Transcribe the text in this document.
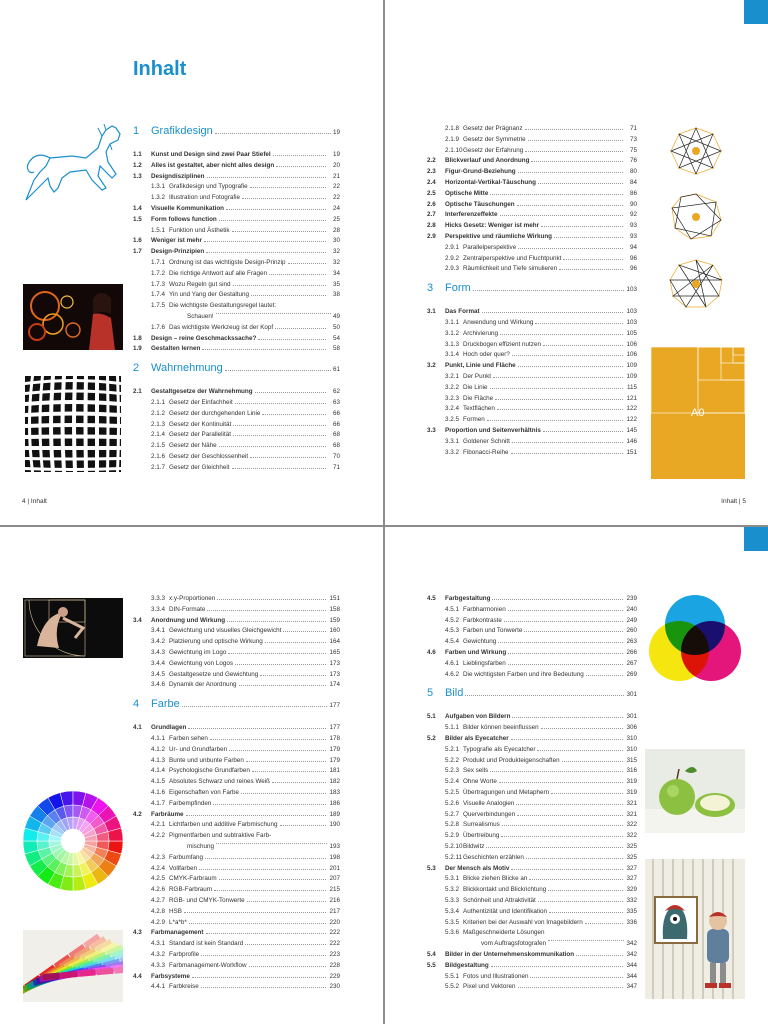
Inhalt
1	Grafikdesign	19
1.1	Kunst und Design sind zwei Paar Stiefel	19
1.2	Alles ist gestaltet, aber nicht alles design	20
1.3	Designdisziplinen	21
1.3.1 Grafikdesign und Typografie	22
1.3.2 Illustration und Fotografie	22
1.4	Visuelle Kommunikation	24
1.5	Form follows function	25
1.5.1 Funktion und Ästhetik	28
1.6	Weniger ist mehr	30
1.7	Design-Prinzipien	32
1.7.1 Ordnung ist das wichtigste Design-Prinzip	32
1.7.2 Die richtige Antwort auf alle Fragen	34
1.7.3 Wozu Regeln gut sind	35
1.7.4 Yin und Yang der Gestaltung	38
1.7.5 Die wichtigste Gestaltungsregel lautet:
Schauen!	49
1.7.6 Das wichtigste Werkzeug ist der Kopf	50
1.8	Design – reine Geschmackssache?	54
1.9	Gestalten lernen	58
2	Wahrnehmung	61
2.1	Gestaltgesetze der Wahrnehmung	62
2.1.1 Gesetz der Einfachheit	63
2.1.2 Gesetz der durchgehenden Linie	66
2.1.3 Gesetz der Kontinuität	66
2.1.4 Gesetz der Parallelität	68
2.1.5 Gesetz der Nähe	68
2.1.6 Gesetz der Geschlossenheit	70
2.1.7 Gesetz der Gleichheit	71
4 | Inhalt
2.1.8 Gesetz der Prägnanz	71
2.1.9 Gesetz der Symmetrie	73
2.1.10 Gesetz der Erfahrung	75
2.2	Blickverlauf und Anordnung	76
2.3	Figur-Grund-Beziehung	80
2.4	Horizontal-Vertikal-Täuschung	84
2.5	Optische Mitte	86
2.6	Optische Täuschungen	90
2.7	Interferenzeffekte	92
2.8	Hicks Gesetz: Weniger ist mehr	93
2.9	Perspektive und räumliche Wirkung	93
2.9.1 Parallelperspektive	94
2.9.2 Zentralperspektive und Fluchtpunkt	96
2.9.3 Räumlichkeit und Tiefe simulieren	96
3	Form	103
3.1	Das Format	103
3.1.1 Anwendung und Wirkung	103
3.1.2 Archivierung	105
3.1.3 Druckbogen effizient nutzen	106
3.1.4 Hoch oder quer?	106
3.2	Punkt, Linie und Fläche	109
3.2.1 Der Punkt	109
3.2.2 Die Linie	115
3.2.3 Die Fläche	121
3.2.4 Textflächen	122
3.2.5 Formen	122
3.3	Proportion und Seitenverhältnis	145
3.3.1 Goldener Schnitt	146
3.3.2 Fibonacci-Reihe	151
A0
Inhalt | 5
3.3.3 x:y-Proportionen	151
3.3.4 DIN-Formate	158
3.4	Anordnung und Wirkung	159
3.4.1 Gewichtung und visuelles Gleichgewicht	160
3.4.2 Platzierung und optische Wirkung	164
3.4.3 Gewichtung im Logo	165
3.4.4 Gewichtung von Logos	173
3.4.5 Gestaltgesetze und Gewichtung	173
3.4.6 Dynamik der Anordnung	174
4	Farbe	177
4.1	Grundlagen	177
4.1.1 Farben sehen	178
4.1.2 Ur- und Grundfarben	179
4.1.3 Bunte und unbunte Farben	179
4.1.4 Psychologische Grundfarben	181
4.1.5 Absolutes Schwarz und reines Weiß	182
4.1.6 Eigenschaften von Farbe	183
4.1.7 Farbempfinden	186
4.2	Farbräume	189
4.2.1 Lichtfarben und additive Farbmischung	190
4.2.2 Pigmentfarben und subtraktive Farb-
mischung	193
4.2.3 Farbumfang	198
4.2.4 Vollfarben	201
4.2.5 CMYK-Farbraum	207
4.2.6 RGB-Farbraum	215
4.2.7 RGB- und CMYK-Tonwerte	216
4.2.8 HSB	217
4.2.9 L*a*b*	220
4.3	Farbmanagement	222
4.3.1 Standard ist kein Standard	222
4.3.2 Farbprofile	223
4.3.3 Farbmanagement-Workflow	228
4.4	Farbsysteme	229
4.4.1 Farbkreise	230
4.5	Farbgestaltung	239
4.5.1 Farbharmonien	240
4.5.2 Farbkontraste	249
4.5.3 Farben und Tonwerte	260
4.5.4 Gewichtung	263
4.6	Farben und Wirkung	266
4.6.1 Lieblingsfarben	267
4.6.2 Die wichtigsten Farben und ihre Bedeutung	269
5	Bild	301
5.1	Aufgaben von Bildern	301
5.1.1 Bilder können beeinflussen	306
5.2	Bilder als Eyecatcher	310
5.2.1 Typografie als Eyecatcher	310
5.2.2 Produkt und Produkteigenschaften	315
5.2.3 Sex sells	316
5.2.4 Ohne Worte	319
5.2.5 Übertragungen und Metaphern	319
5.2.6 Visuelle Analogien	321
5.2.7 Querverbindungen	321
5.2.8 Surrealismus	322
5.2.9 Übertreibung	322
5.2.10 Bildwitz	325
5.2.11 Geschichten erzählen	325
5.3	Der Mensch als Motiv	327
5.3.1 Blicke ziehen Blicke an	327
5.3.2 Blickkontakt und Blickrichtung	329
5.3.3 Schönheit und Attraktivität	332
5.3.4 Authentizität und Identifikation	335
5.3.5 Kriterien bei der Auswahl von Imagebildern	336
5.3.6 Maßgeschneiderte Lösungen
vom Auftragsfotografen	342
5.4	Bilder in der Unternehmenskommunikation	342
5.5	Bildgestaltung	344
5.5.1 Fotos und Illustrationen	344
5.5.2 Pixel und Vektoren	347
